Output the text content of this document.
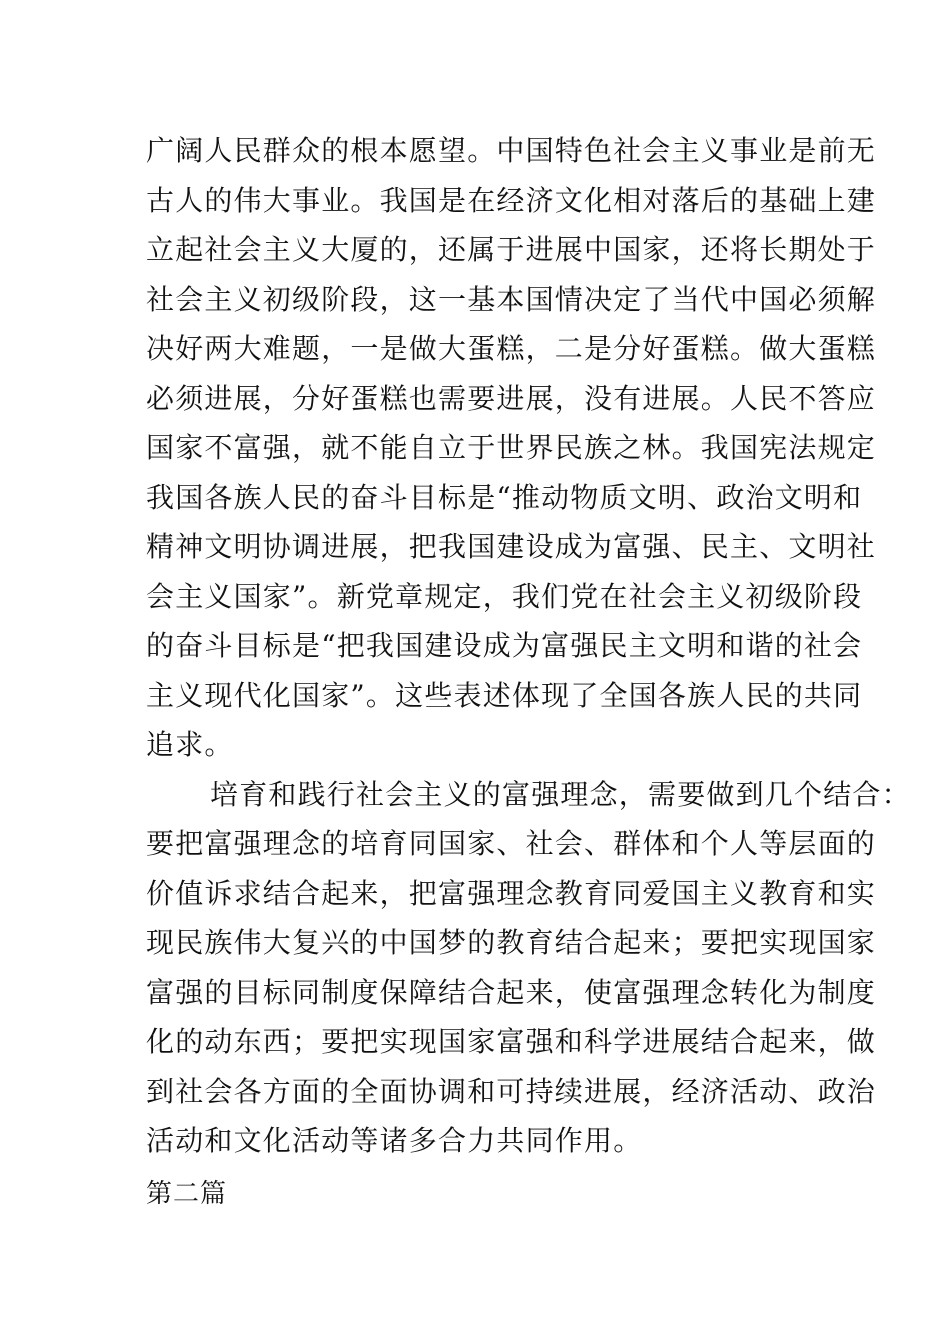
广阔人民群众的根本愿望。中国特色社会主义事业是前无
古人的伟大事业。我国是在经济文化相对落后的基础上建
立起社会主义大厦的，还属于进展中国家，还将长期处于
社会主义初级阶段，这一基本国情决定了当代中国必须解
决好两大难题，一是做大蛋糕，二是分好蛋糕。做大蛋糕
必须进展，分好蛋糕也需要进展，没有进展。人民不答应
国家不富强，就不能自立于世界民族之林。我国宪法规定
我国各族人民的奋斗目标是“推动物质文明、政治文明和
精神文明协调进展，把我国建设成为富强、民主、文明社
会主义国家”。新党章规定，我们党在社会主义初级阶段
的奋斗目标是“把我国建设成为富强民主文明和谐的社会
主义现代化国家”。这些表述体现了全国各族人民的共同
追求。
培育和践行社会主义的富强理念，需要做到几个结合：
要把富强理念的培育同国家、社会、群体和个人等层面的
价值诉求结合起来，把富强理念教育同爱国主义教育和实
现民族伟大复兴的中国梦的教育结合起来；要把实现国家
富强的目标同制度保障结合起来，使富强理念转化为制度
化的动东西；要把实现国家富强和科学进展结合起来，做
到社会各方面的全面协调和可持续进展，经济活动、政治
活动和文化活动等诸多合力共同作用。
第二篇
